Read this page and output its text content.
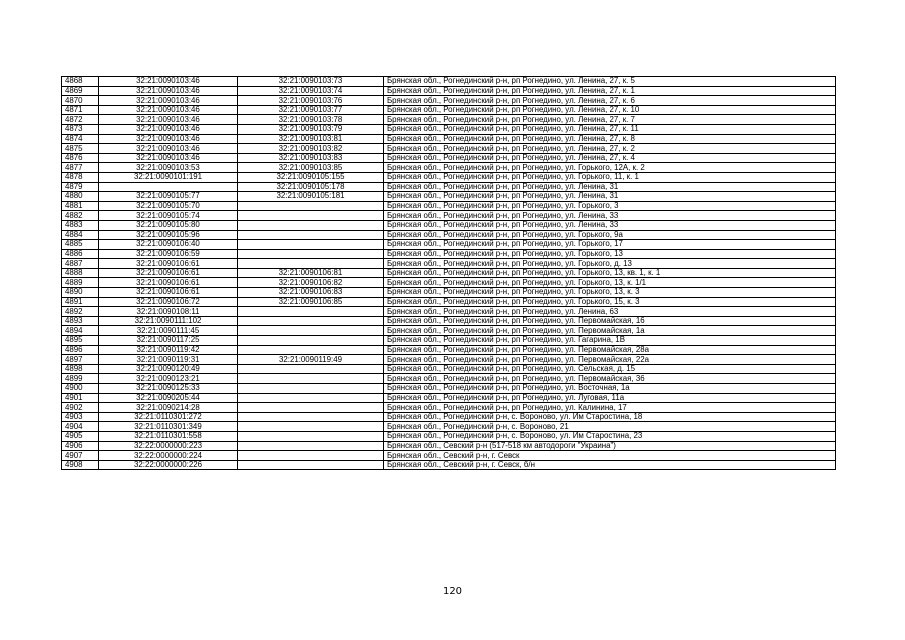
4868	32:21:0090103:46	32:21:0090103:73	Брянская обл., Рогнединский р-н, рп Рогнедино, ул. Ленина, 27, к. 5
4869	32:21:0090103:46	32:21:0090103:74	Брянская обл., Рогнединский р-н, рп Рогнедино, ул. Ленина, 27, к. 1
4870	32:21:0090103:46	32:21:0090103:76	Брянская обл., Рогнединский р-н, рп Рогнедино, ул. Ленина, 27, к. 6
4871	32:21:0090103:46	32:21:0090103:77	Брянская обл., Рогнединский р-н, рп Рогнедино, ул. Ленина, 27, к. 10
4872	32:21:0090103:46	32:21:0090103:78	Брянская обл., Рогнединский р-н, рп Рогнедино, ул. Ленина, 27, к. 7
4873	32:21:0090103:46	32:21:0090103:79	Брянская обл., Рогнединский р-н, рп Рогнедино, ул. Ленина, 27, к. 11
4874	32:21:0090103:46	32:21:0090103:81	Брянская обл., Рогнединский р-н, рп Рогнедино, ул. Ленина, 27, к. 8
4875	32:21:0090103:46	32:21:0090103:82	Брянская обл., Рогнединский р-н, рп Рогнедино, ул. Ленина, 27, к. 2
4876	32:21:0090103:46	32:21:0090103:83	Брянская обл., Рогнединский р-н, рп Рогнедино, ул. Ленина, 27, к. 4
4877	32:21:0090103:53	32:21:0090103:85	Брянская обл., Рогнединский р-н, рп Рогнедино, ул. Горького, 12А, к. 2
4878	32:21:0090101:191	32:21:0090105:155	Брянская обл., Рогнединский р-н, рп Рогнедино, ул. Горького, 11, к. 1
4879		32:21:0090105:178	Брянская обл., Рогнединский р-н, рп Рогнедино, ул. Ленина, 31
4880	32:21:0090105:77	32:21:0090105:181	Брянская обл., Рогнединский р-н, рп Рогнедино, ул. Ленина, 31
4881	32:21:0090105:70		Брянская обл., Рогнединский р-н, рп Рогнедино, ул. Горького, 3
4882	32:21:0090105:74		Брянская обл., Рогнединский р-н, рп Рогнедино, ул. Ленина, 33
4883	32:21:0090105:80		Брянская обл., Рогнединский р-н, рп Рогнедино, ул. Ленина, 33
4884	32:21:0090105:96		Брянская обл., Рогнединский р-н, рп Рогнедино, ул. Горького, 9а
4885	32:21:0090106:40		Брянская обл., Рогнединский р-н, рп Рогнедино, ул. Горького, 17
4886	32:21:0090106:59		Брянская обл., Рогнединский р-н, рп Рогнедино, ул. Горького, 13
4887	32:21:0090106:61		Брянская обл., Рогнединский р-н, рп Рогнедино, ул. Горького, д. 13
4888	32:21:0090106:61	32:21:0090106:81	Брянская обл., Рогнединский р-н, рп Рогнедино, ул. Горького, 13, кв. 1, к. 1
4889	32:21:0090106:61	32:21:0090106:82	Брянская обл., Рогнединский р-н, рп Рогнедино, ул. Горького, 13, к. 1/1
4890	32:21:0090106:61	32:21:0090106:83	Брянская обл., Рогнединский р-н, рп Рогнедино, ул. Горького, 13, к. 3
4891	32:21:0090106:72	32:21:0090106:85	Брянская обл., Рогнединский р-н, рп Рогнедино, ул. Горького, 15, к. 3
4892	32:21:0090108:11		Брянская обл., Рогнединский р-н, рп Рогнедино, ул. Ленина, 63
4893	32:21:0090111:102		Брянская обл., Рогнединский р-н, рп Рогнедино, ул. Первомайская, 16
4894	32:21:0090111:45		Брянская обл., Рогнединский р-н, рп Рогнедино, ул. Первомайская, 1а
4895	32:21:0090117:25		Брянская обл., Рогнединский р-н, рп Рогнедино, ул. Гагарина, 1В
4896	32:21:0090119:42		Брянская обл., Рогнединский р-н, рп Рогнедино, ул. Первомайская, 28а
4897	32:21:0090119:31	32:21:0090119:49	Брянская обл., Рогнединский р-н, рп Рогнедино, ул. Первомайская, 22а
4898	32:21:0090120:49		Брянская обл., Рогнединский р-н, рп Рогнедино, ул. Сельская, д. 15
4899	32:21:0090123:21		Брянская обл., Рогнединский р-н, рп Рогнедино, ул. Первомайская, 36
4900	32:21:0090125:33		Брянская обл., Рогнединский р-н, рп Рогнедино, ул. Восточная, 1а
4901	32:21:0090205:44		Брянская обл., Рогнединский р-н, рп Рогнедино, ул. Луговая, 11а
4902	32:21:0090214:28		Брянская обл., Рогнединский р-н, рп Рогнедино, ул. Калинина, 17
4903	32:21:0110301:272		Брянская обл., Рогнединский р-н, с. Вороново, ул. Им Старостина, 18
4904	32:21:0110301:349		Брянская обл., Рогнединский р-н, с. Вороново, 21
4905	32:21:0110301:558		Брянская обл., Рогнединский р-н, с. Вороново, ул. Им Старостина, 23
4906	32:22:0000000:223		Брянская обл., Севский р-н (517-518 км автодороги "Украина")
4907	32:22:0000000:224		Брянская обл., Севский р-н, г. Севск
4908	32:22:0000000:226		Брянская обл., Севский р-н, г. Севск, б/н
120
